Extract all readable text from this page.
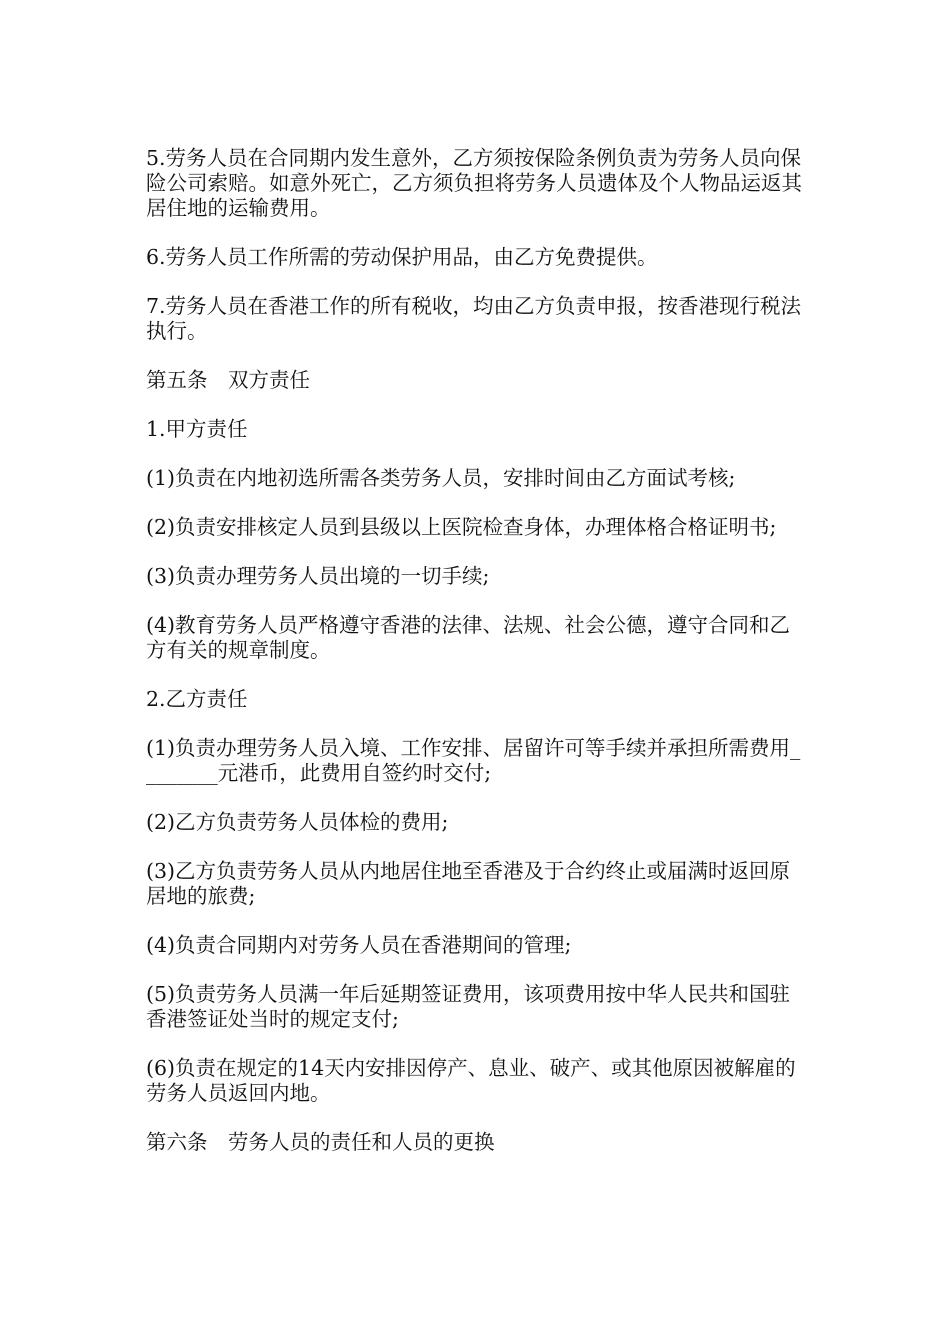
5.劳务人员在合同期内发生意外，乙方须按保险条例负责为劳务人员向保险公司索赔。如意外死亡，乙方须负担将劳务人员遗体及个人物品运返其居住地的运输费用。

6.劳务人员工作所需的劳动保护用品，由乙方免费提供。

7.劳务人员在香港工作的所有税收，均由乙方负责申报，按香港现行税法执行。

第五条　双方责任

1.甲方责任

(1)负责在内地初选所需各类劳务人员，安排时间由乙方面试考核;

(2)负责安排核定人员到县级以上医院检查身体，办理体格合格证明书;

(3)负责办理劳务人员出境的一切手续;

(4)教育劳务人员严格遵守香港的法律、法规、社会公德，遵守合同和乙方有关的规章制度。

2.乙方责任

(1)负责办理劳务人员入境、工作安排、居留许可等手续并承担所需费用________元港币，此费用自签约时交付;

(2)乙方负责劳务人员体检的费用;

(3)乙方负责劳务人员从内地居住地至香港及于合约终止或届满时返回原居地的旅费;

(4)负责合同期内对劳务人员在香港期间的管理;

(5)负责劳务人员满一年后延期签证费用，该项费用按中华人民共和国驻香港签证处当时的规定支付;

(6)负责在规定的14天内安排因停产、息业、破产、或其他原因被解雇的劳务人员返回内地。

第六条　劳务人员的责任和人员的更换
